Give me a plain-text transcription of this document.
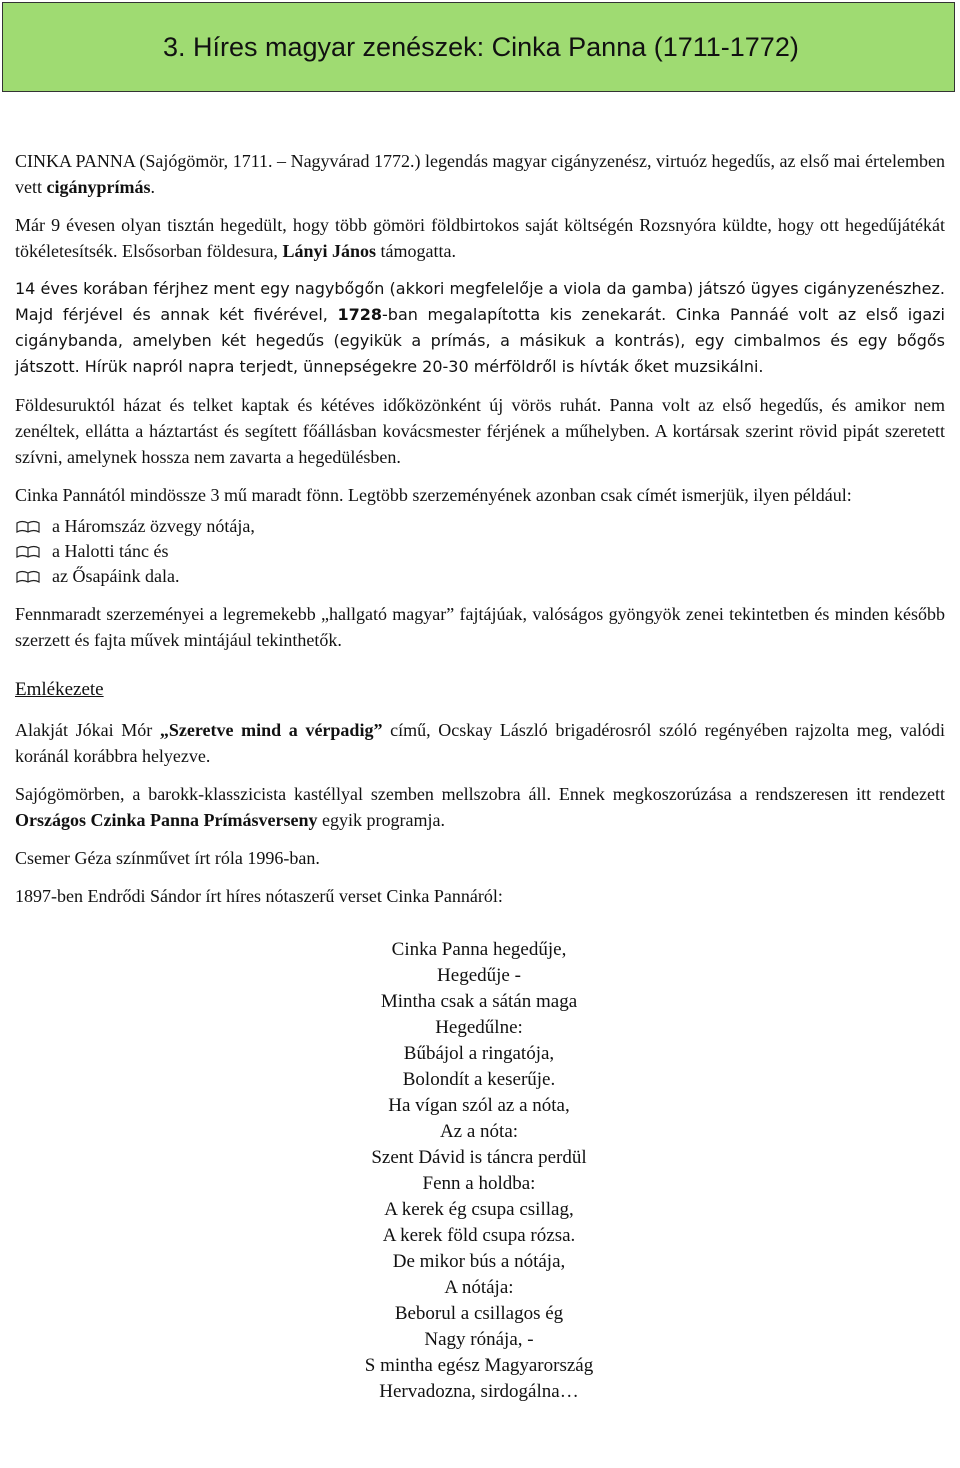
3. Híres magyar zenészek: Cinka Panna (1711-1772)

CINKA PANNA (Sajógömör, 1711. – Nagyvárad 1772.) legendás magyar cigányzenész, virtuóz hegedűs, az első mai értelemben vett cigányprímás.

Már 9 évesen olyan tisztán hegedült, hogy több gömöri földbirtokos saját költségén Rozsnyóra küldte, hogy ott hegedűjátékát tökéletesítsék. Elsősorban földesura, Lányi János támogatta.

14 éves korában férjhez ment egy nagybőgőn (akkori megfelelője a viola da gamba) játszó ügyes cigányzenészhez. Majd férjével és annak két fivérével, 1728-ban megalapította kis zenekarát. Cinka Pannáé volt az első igazi cigánybanda, amelyben két hegedűs (egyikük a prímás, a másikuk a kontrás), egy cimbalmos és egy bőgős játszott. Hírük napról napra terjedt, ünnepségekre 20-30 mérföldről is hívták őket muzsikálni.

Földesuruktól házat és telket kaptak és kétéves időközönként új vörös ruhát. Panna volt az első hegedűs, és amikor nem zenéltek, ellátta a háztartást és segített főállásban kovácsmester férjének a műhelyben. A kortársak szerint rövid pipát szeretett szívni, amelynek hossza nem zavarta a hegedülésben.

Cinka Pannától mindössze 3 mű maradt fönn. Legtöbb szerzeményének azonban csak címét ismerjük, ilyen például:

a Háromszáz özvegy nótája,
a Halotti tánc és
az Ősapáink dala.

Fennmaradt szerzeményei a legremekebb „hallgató magyar” fajtájúak, valóságos gyöngyök zenei tekintetben és minden később szerzett és fajta művek mintájául tekinthetők.

Emlékezete

Alakját Jókai Mór „Szeretve mind a vérpadig” című, Ocskay László brigadérosról szóló regényében rajzolta meg, valódi koránál korábbra helyezve.

Sajógömörben, a barokk-klasszicista kastéllyal szemben mellszobra áll. Ennek megkoszorúzása a rendszeresen itt rendezett Országos Czinka Panna Prímásverseny egyik programja.

Csemer Géza színművet írt róla 1996-ban.

1897-ben Endrődi Sándor írt híres nótaszerű verset Cinka Pannáról:

Cinka Panna hegedűje,
Hegedűje -
Mintha csak a sátán maga
Hegedűlne:
Bűbájol a ringatója,
Bolondít a keserűje.
Ha vígan szól az a nóta,
Az a nóta:
Szent Dávid is táncra perdül
Fenn a holdba:
A kerek ég csupa csillag,
A kerek föld csupa rózsa.
De mikor bús a nótája,
A nótája:
Beborul a csillagos ég
Nagy rónája, -
S mintha egész Magyarország
Hervadozna, sirdogálna…
